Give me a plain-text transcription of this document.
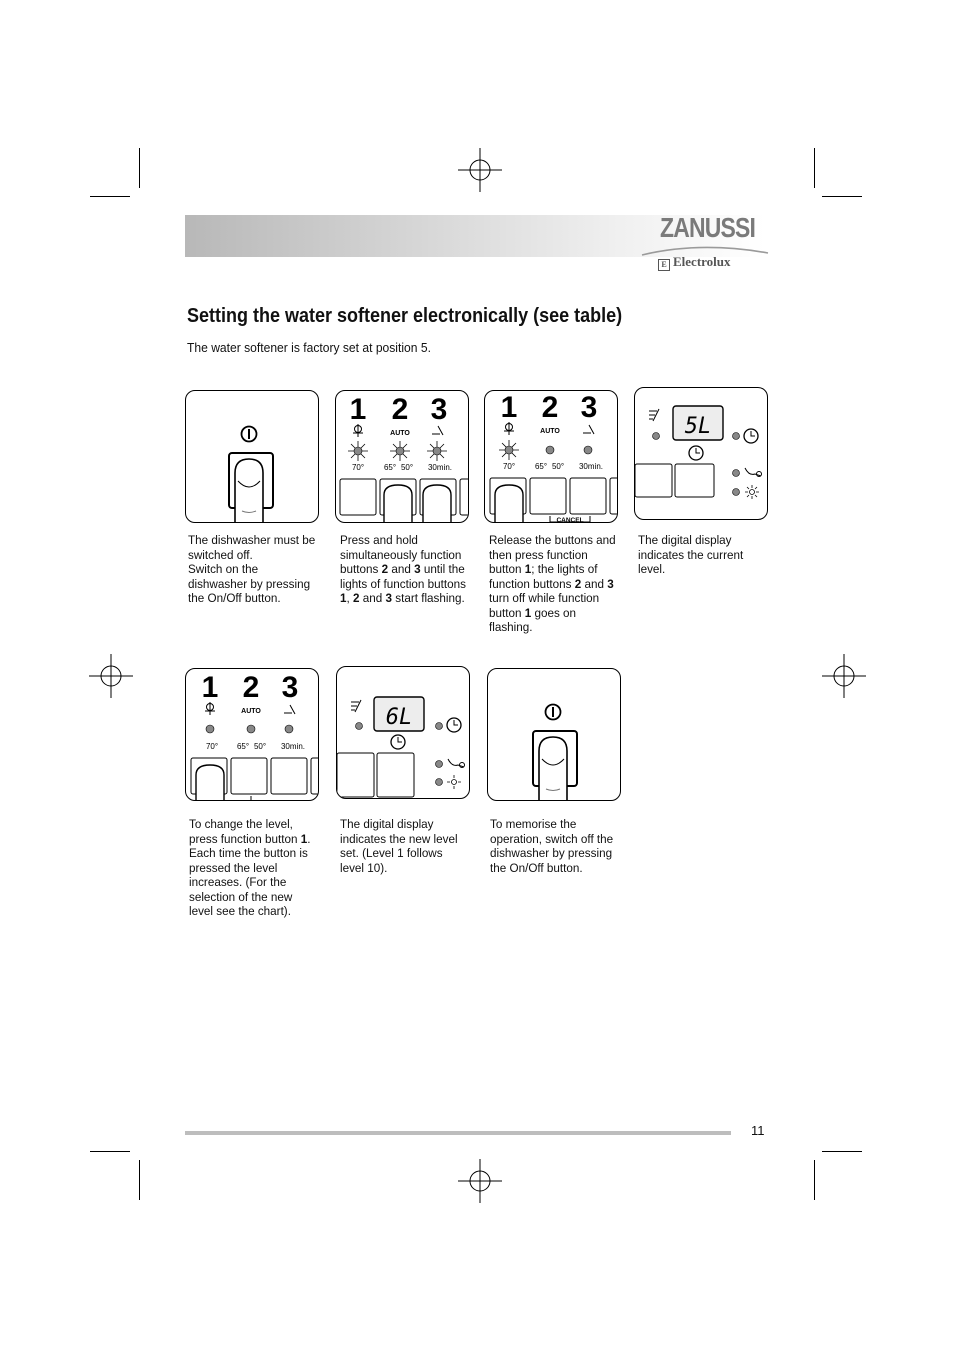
ZANUSSI
E Electrolux
Setting the water softener electronically (see table)
The water softener is factory set at position 5.
1 2 3
AUTO
70° 65° 50° 30min.
1 2 3
AUTO
70° 65° 50° 30min.
CANCEL
5L
1 2 3
AUTO
70° 65° 50° 30min.
6L

The dishwasher must be switched off.

Switch on the dishwasher by pressing the On/Off button.

Press and hold simultaneously function buttons 2 and 3 until the lights of function buttons 1, 2 and 3 start flashing.
Release the buttons and then press function button 1; the lights of function buttons 2 and 3 turn off while function button 1 goes on flashing.
The digital display indicates the current level.
To change the level, press function button 1. Each time the button is pressed the level increases. (For the selection of the new level see the chart).
The digital display indicates the new level set. (Level 1 follows level 10).
To memorise the operation, switch off the dishwasher by pressing the On/Off button.
11
